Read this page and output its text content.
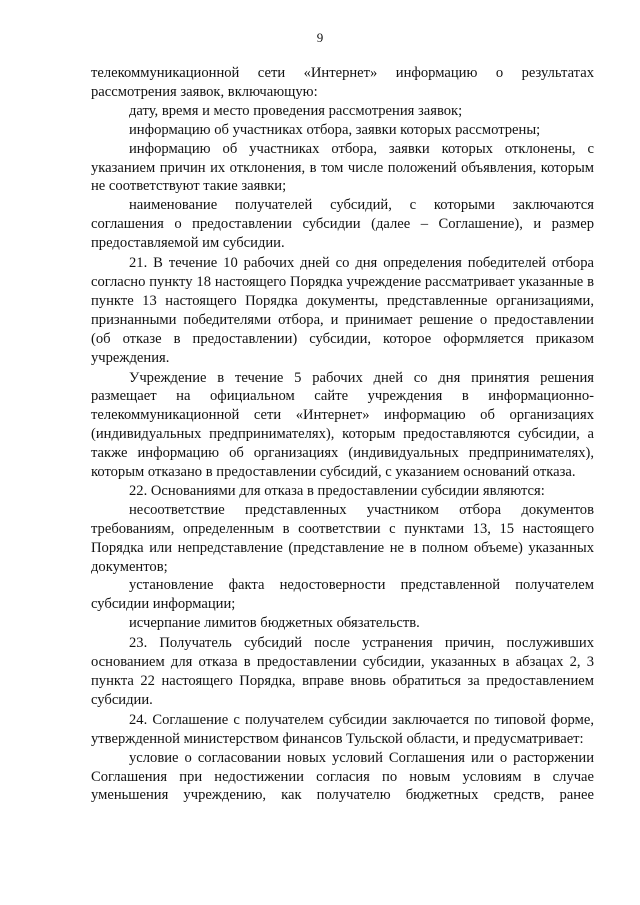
9

телекоммуникационной сети «Интернет» информацию о результатах рассмотрения заявок, включающую:

дату, время и место проведения рассмотрения заявок;

информацию об участниках отбора, заявки которых рассмотрены;

информацию об участниках отбора, заявки которых отклонены, с указанием причин их отклонения, в том числе положений объявления, которым не соответствуют такие заявки;

наименование получателей субсидий, с которыми заключаются соглашения о предоставлении субсидии (далее – Соглашение), и размер предоставляемой им субсидии.

21. В течение 10 рабочих дней со дня определения победителей отбора согласно пункту 18 настоящего Порядка учреждение рассматривает указанные в пункте 13 настоящего Порядка документы, представленные организациями, признанными победителями отбора, и принимает решение о предоставлении (об отказе в предоставлении) субсидии, которое оформляется приказом учреждения.

Учреждение в течение 5 рабочих дней со дня принятия решения размещает на официальном сайте учреждения в информационно-телекоммуникационной сети «Интернет» информацию об организациях (индивидуальных предпринимателях), которым предоставляются субсидии, а также информацию об организациях (индивидуальных предпринимателях), которым отказано в предоставлении субсидий, с указанием оснований отказа.

22. Основаниями для отказа в предоставлении субсидии являются:

несоответствие представленных участником отбора документов требованиям, определенным в соответствии с пунктами 13, 15 настоящего Порядка или непредставление (представление не в полном объеме) указанных документов;

установление факта недостоверности представленной получателем субсидии информации;

исчерпание лимитов бюджетных обязательств.

23. Получатель субсидий после устранения причин, послуживших основанием для отказа в предоставлении субсидии, указанных в абзацах 2, 3 пункта 22 настоящего Порядка, вправе вновь обратиться за предоставлением субсидии.

24. Соглашение с получателем субсидии заключается по типовой форме, утвержденной министерством финансов Тульской области, и предусматривает:

условие о согласовании новых условий Соглашения или о расторжении Соглашения при недостижении согласия по новым условиям в случае уменьшения учреждению, как получателю бюджетных средств, ранее
